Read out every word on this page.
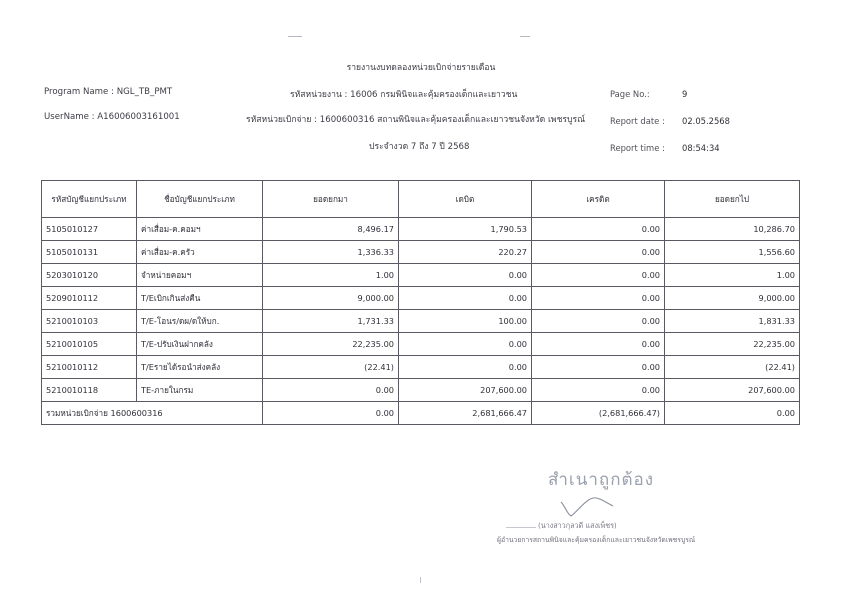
รายงานงบทดลองหน่วยเบิกจ่ายรายเดือน
Program Name : NGL_TB_PMT	รหัสหน่วยงาน : 16006 กรมพินิจและคุ้มครองเด็กและเยาวชน	Page No.:	9
UserName : A16006003161001	รหัสหน่วยเบิกจ่าย : 1600600316 สถานพินิจและคุ้มครองเด็กและเยาวชนจังหวัด เพชรบูรณ์	Report date : 02.05.2568
ประจำงวด 7 ถึง 7 ปี 2568	Report time : 08:54:34
รหัสบัญชีแยกประเภท	ชื่อบัญชีแยกประเภท	ยอดยกมา	เดบิต	เครดิต	ยอดยกไป
5105010127	ค่าเสื่อม-ค.คอมฯ	8,496.17	1,790.53	0.00	10,286.70
5105010131	ค่าเสื่อม-ค.ครัว	1,336.33	220.27	0.00	1,556.60
5203010120	จำหน่ายคอมฯ	1.00	0.00	0.00	1.00
5209010112	T/Eเบิกเกินส่งคืน	9,000.00	0.00	0.00	9,000.00
5210010103	T/E-โอนร/ดผ/ดให้บก.	1,731.33	100.00	0.00	1,831.33
5210010105	T/E-ปรับเงินฝากคลัง	22,235.00	0.00	0.00	22,235.00
5210010112	T/Eรายได้รอนำส่งคลัง	(22.41)	0.00	0.00	(22.41)
5210010118	TE-ภายในกรม	0.00	207,600.00	0.00	207,600.00
รวมหน่วยเบิกจ่าย 1600600316		0.00	2,681,666.47	(2,681,666.47)	0.00
สำเนาถูกต้อง
(นางสาวกุลวดี แสงเพ็ชร)
ผู้อำนวยการสถานพินิจและคุ้มครองเด็กและเยาวชนจังหวัดเพชรบูรณ์
